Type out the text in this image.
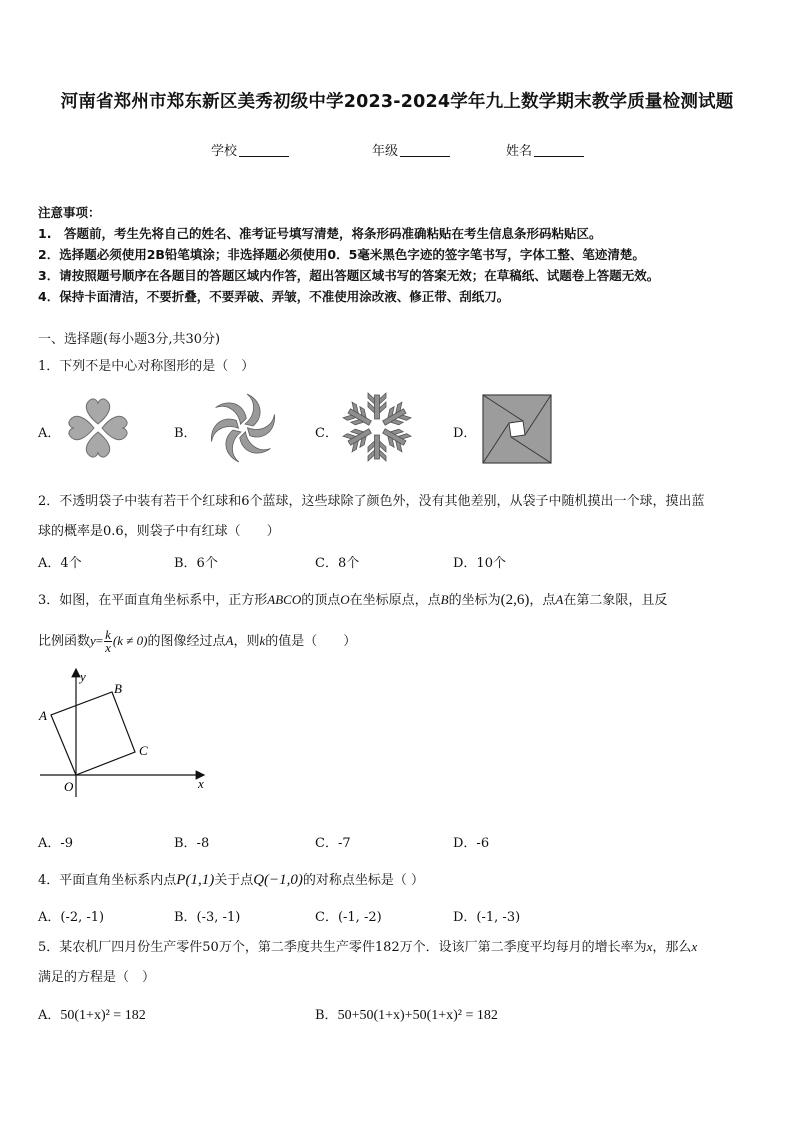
河南省郑州市郑东新区美秀初级中学2023-2024学年九上数学期末教学质量检测试题
学校	年级	姓名
注意事项：
1.　答题前，考生先将自己的姓名、准考证号填写清楚，将条形码准确粘贴在考生信息条形码粘贴区。
2．选择题必须使用2B铅笔填涂；非选择题必须使用0．5毫米黑色字迹的签字笔书写，字体工整、笔迹清楚。
3．请按照题号顺序在各题目的答题区域内作答，超出答题区域书写的答案无效；在草稿纸、试题卷上答题无效。
4．保持卡面清洁，不要折叠，不要弄破、弄皱，不准使用涂改液、修正带、刮纸刀。
一、选择题(每小题3分,共30分)
1．下列不是中心对称图形的是（　）
A．	B．	C．	D．
2．不透明袋子中装有若干个红球和6个蓝球，这些球除了颜色外，没有其他差别，从袋子中随机摸出一个球，摸出蓝
球的概率是0.6，则袋子中有红球（　　）
A．4个	B．6个	C．8个	D．10个
3．如图，在平面直角坐标系中，正方形ABCO的顶点O在坐标原点，点B的坐标为(2,6)，点A在第二象限，且反
比例函数$y= \frac{k}{x} (k \ne 0)$的图像经过点A，则k的值是（　　）
y
x
O
A
B
C
A．-9	B．-8	C．-7	D．-6
4．平面直角坐标系内点P(1,1)关于点Q(−1,0)的对称点坐标是（ ）
A．(-2, -1)	B．(-3, -1)	C．(-1, -2)	D．(-1, -3)
5．某农机厂四月份生产零件50万个，第二季度共生产零件182万个．设该厂第二季度平均每月的增长率为x，那么x
满足的方程是（　）
A．50(1+x)² = 182	B．50+50(1+x)+50(1+x)² = 182
